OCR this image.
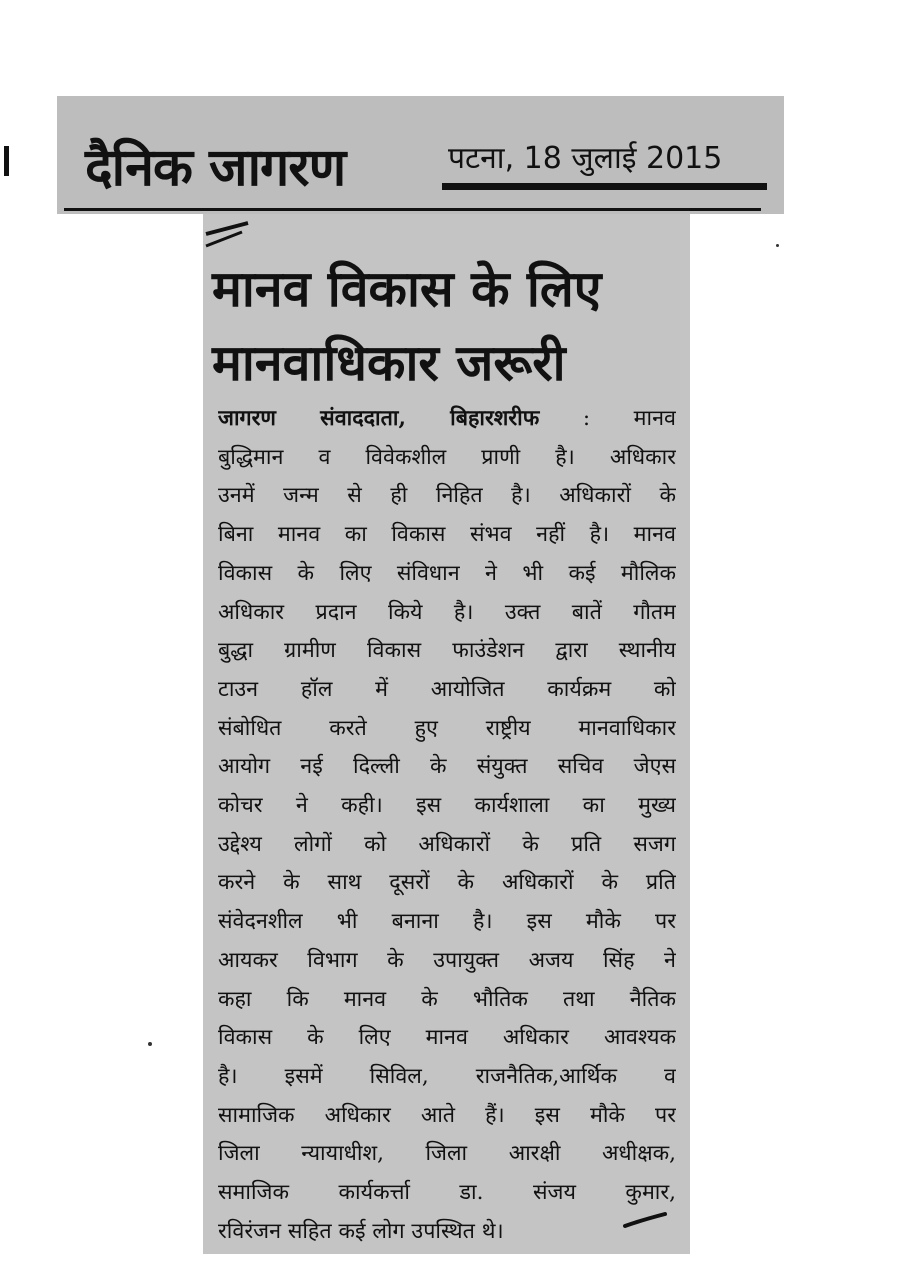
दैनिक जागरण	पटना, 18 जुलाई 2015
मानव विकास के लिए
मानवाधिकार जरूरी

जागरण संवाददाता, बिहारशरीफ : मानव
बुद्धिमान व विवेकशील प्राणी है। अधिकार
उनमें जन्म से ही निहित है। अधिकारों के
बिना मानव का विकास संभव नहीं है। मानव
विकास के लिए संविधान ने भी कई मौलिक
अधिकार प्रदान किये है। उक्त बातें गौतम
बुद्धा ग्रामीण विकास फाउंडेशन द्वारा स्थानीय
टाउन हॉल में आयोजित कार्यक्रम को
संबोधित करते हुए राष्ट्रीय मानवाधिकार
आयोग नई दिल्ली के संयुक्त सचिव जेएस
कोचर ने कही। इस कार्यशाला का मुख्य
उद्देश्य लोगों को अधिकारों के प्रति सजग
करने के साथ दूसरों के अधिकारों के प्रति
संवेदनशील भी बनाना है। इस मौके पर
आयकर विभाग के उपायुक्त अजय सिंह ने
कहा कि मानव के भौतिक तथा नैतिक
विकास के लिए मानव अधिकार आवश्यक
है। इसमें सिविल, राजनैतिक,आर्थिक व
सामाजिक अधिकार आते हैं। इस मौके पर
जिला न्यायाधीश, जिला आरक्षी अधीक्षक,
समाजिक कार्यकर्त्ता डा. संजय कुमार,
रविरंजन सहित कई लोग उपस्थित थे।
